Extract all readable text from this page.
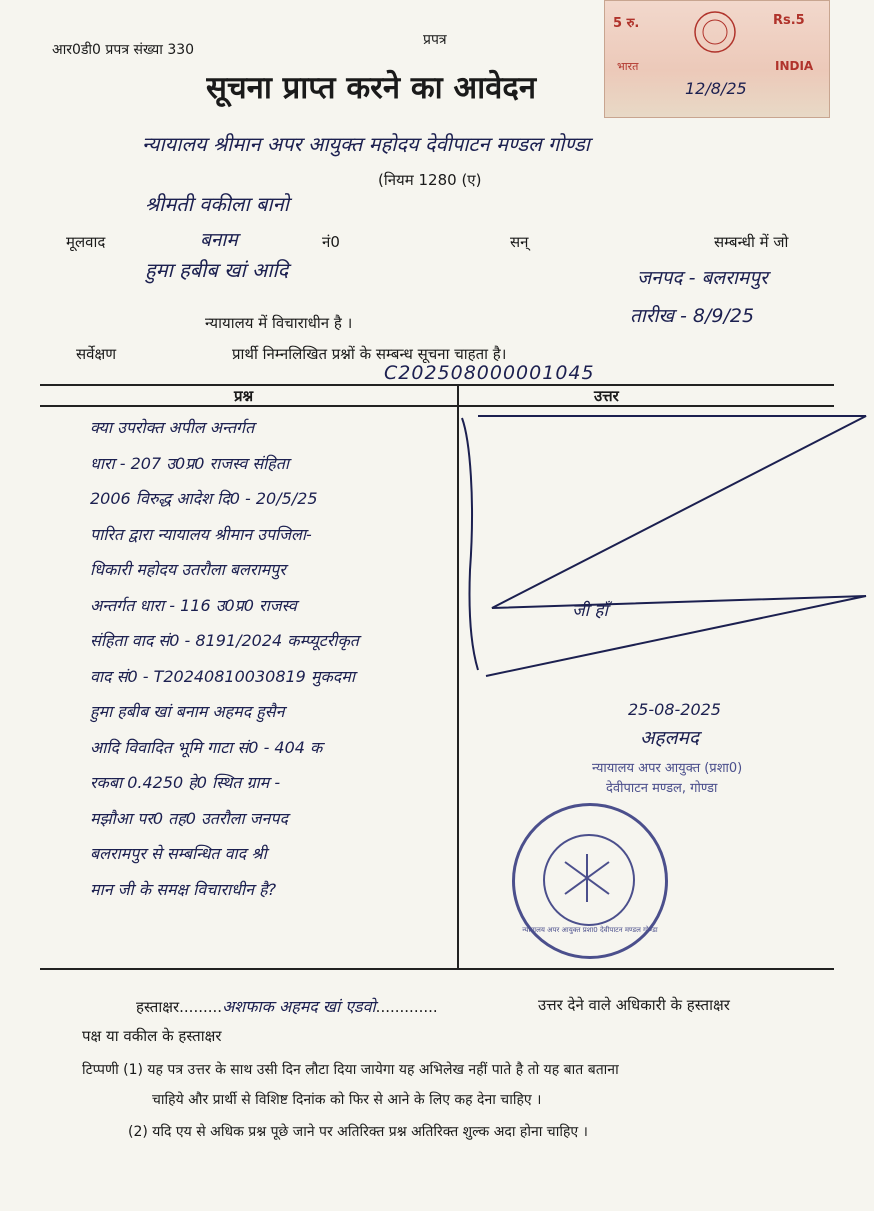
आर0डी0 प्रपत्र संख्या 330
प्रपत्र
सूचना प्राप्त करने का आवेदन
5 रु.	Rs.5
भारत	INDIA
12/8/25
न्यायालय श्रीमान अपर आयुक्त महोदय देवीपाटन मण्डल गोण्डा
(नियम 1280 (ए)
श्रीमती वकीला बानो
मूलवाद	बनाम	नं0	सन्	सम्बन्धी में जो
हुमा हबीब खां आदि	जनपद - बलरामपुर
तारीख - 8/9/25
न्यायालय में विचाराधीन है ।
सर्वेक्षण	प्रार्थी निम्नलिखित प्रश्नों के सम्बन्ध सूचना चाहता है।
C202508000001045
प्रश्न	उत्तर
क्या उपरोक्त अपील अन्तर्गत
धारा - 207 उ0प्र0 राजस्व संहिता
2006 विरुद्ध आदेश दि0 - 20/5/25
पारित द्वारा न्यायालय श्रीमान उपजिला-
धिकारी महोदय उतरौला बलरामपुर
अन्तर्गत धारा - 116 उ0प्र0 राजस्व
संहिता वाद सं0 - 8191/2024 कम्प्यूटरीकृत
वाद सं0 - T20240810030819 मुकदमा
हुमा हबीब खां बनाम अहमद हुसैन
आदि विवादित भूमि गाटा सं0 - 404 क
रकबा 0.4250 हे0 स्थित ग्राम -
मझौआ पर0 तह0 उतरौला जनपद
बलरामपुर से सम्बन्धित वाद श्री
मान जी के समक्ष विचाराधीन है?
जी हाँ
25-08-2025
अहलमद
न्यायालय अपर आयुक्त (प्रशा0)
देवीपाटन मण्डल, गोण्डा
न्यायालय अपर आयुक्त प्रशा0 देवीपाटन मण्डल गोण्डा
हस्ताक्षर.........अशफाक अहमद खां एडवो.............	उत्तर देने वाले अधिकारी के हस्ताक्षर
पक्ष या वकील के हस्ताक्षर
टिप्पणी (1) यह पत्र उत्तर के साथ उसी दिन लौटा दिया जायेगा यह अभिलेख नहीं पाते है तो यह बात बताना
चाहिये और प्रार्थी से विशिष्ट दिनांक को फिर से आने के लिए कह देना चाहिए ।
(2) यदि एय से अधिक प्रश्न पूछे जाने पर अतिरिक्त प्रश्न अतिरिक्त शुल्क अदा होना चाहिए ।
